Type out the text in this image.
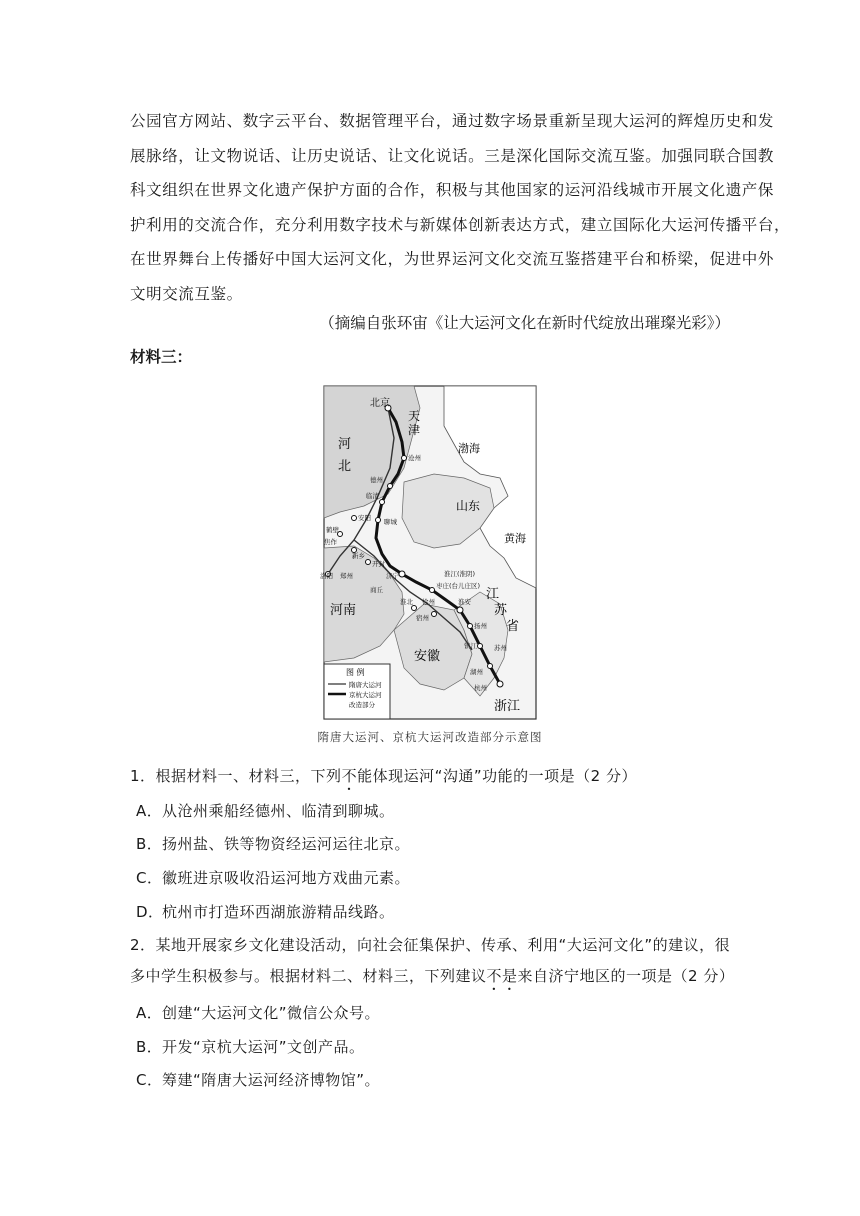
公园官方网站、数字云平台、数据管理平台，通过数字场景重新呈现大运河的辉煌历史和发
展脉络，让文物说话、让历史说话、让文化说话。三是深化国际交流互鉴。加强同联合国教
科文组织在世界文化遗产保护方面的合作，积极与其他国家的运河沿线城市开展文化遗产保
护利用的交流合作，充分利用数字技术与新媒体创新表达方式，建立国际化大运河传播平台，
在世界舞台上传播好中国大运河文化，为世界运河文化交流互鉴搭建平台和桥梁，促进中外
文明交流互鉴。
（摘编自张环宙《让大运河文化在新时代绽放出璀璨光彩》）
材料三：
图 例
隋唐大运河
京杭大运河
改造部分
河
北
天
津
山东
河南
安徽
江
苏
省
浙江
渤海
黄海
北京
沧州
德州
临清
聊城
安阳
鹤壁
焦作
新乡
开封
洛阳 郑州	济宁
商丘
淮北
宿州
徐州
枣庄(台儿庄区)
淮安
淮江(淮阴)
扬州
镇江	苏州
湖州
杭州
隋唐大运河、京杭大运河改造部分示意图
1．根据材料一、材料三，下列不能体现运河“沟通”功能的一项是（2 分）
A．从沧州乘船经德州、临清到聊城。
B．扬州盐、铁等物资经运河运往北京。
C．徽班进京吸收沿运河地方戏曲元素。
D．杭州市打造环西湖旅游精品线路。
2．某地开展家乡文化建设活动，向社会征集保护、传承、利用“大运河文化”的建议，很
多中学生积极参与。根据材料二、材料三，下列建议不是来自济宁地区的一项是（2 分）
A．创建“大运河文化”微信公众号。
B．开发“京杭大运河”文创产品。
C．筹建“隋唐大运河经济博物馆”。
